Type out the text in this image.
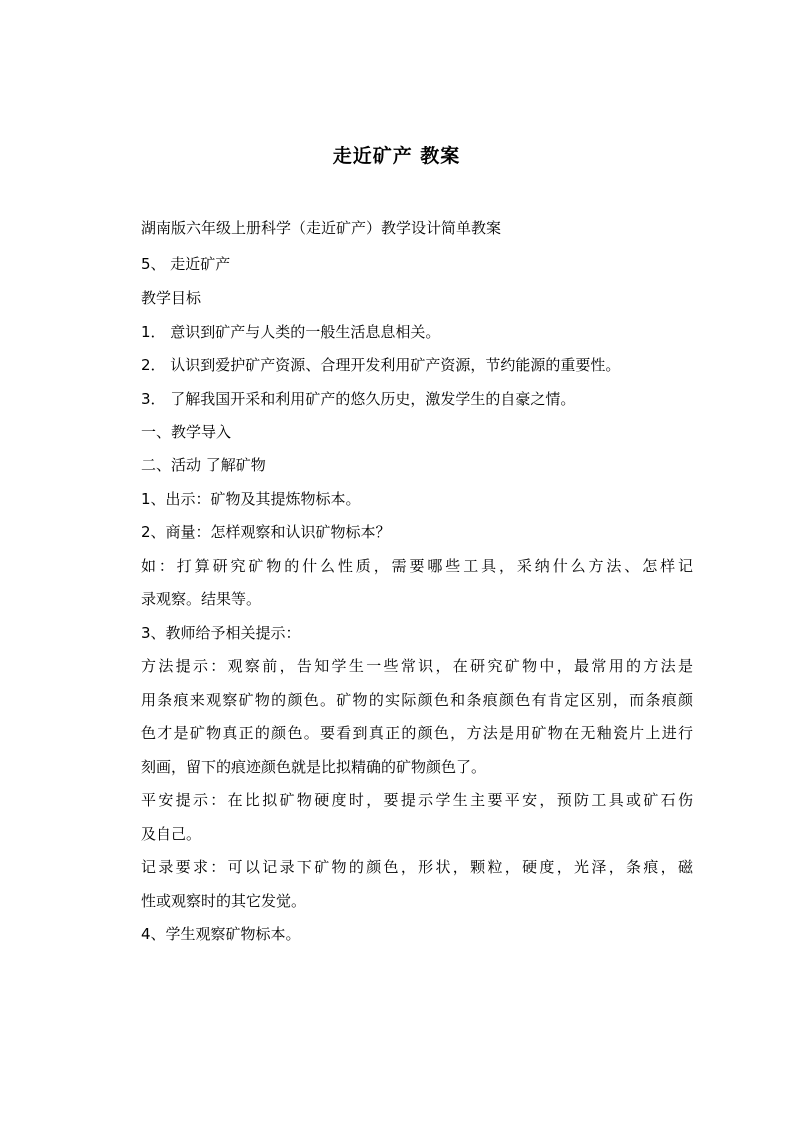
走近矿产 教案
湖南版六年级上册科学（走近矿产）教学设计简单教案
5、 走近矿产
教学目标
1． 意识到矿产与人类的一般生活息息相关。
2． 认识到爱护矿产资源、合理开发利用矿产资源，节约能源的重要性。
3． 了解我国开采和利用矿产的悠久历史，激发学生的自豪之情。
一、教学导入
二、活动 了解矿物
1、出示：矿物及其提炼物标本。
2、商量：怎样观察和认识矿物标本？
如：打算研究矿物的什么性质，需要哪些工具，采纳什么方法、怎样记
录观察。结果等。
3、教师给予相关提示：
方法提示：观察前，告知学生一些常识，在研究矿物中，最常用的方法是
用条痕来观察矿物的颜色。矿物的实际颜色和条痕颜色有肯定区别，而条痕颜
色才是矿物真正的颜色。要看到真正的颜色，方法是用矿物在无釉瓷片上进行
刻画，留下的痕迹颜色就是比拟精确的矿物颜色了。
平安提示：在比拟矿物硬度时，要提示学生主要平安，预防工具或矿石伤
及自己。
记录要求：可以记录下矿物的颜色，形状，颗粒，硬度，光泽，条痕，磁
性或观察时的其它发觉。
4、学生观察矿物标本。
